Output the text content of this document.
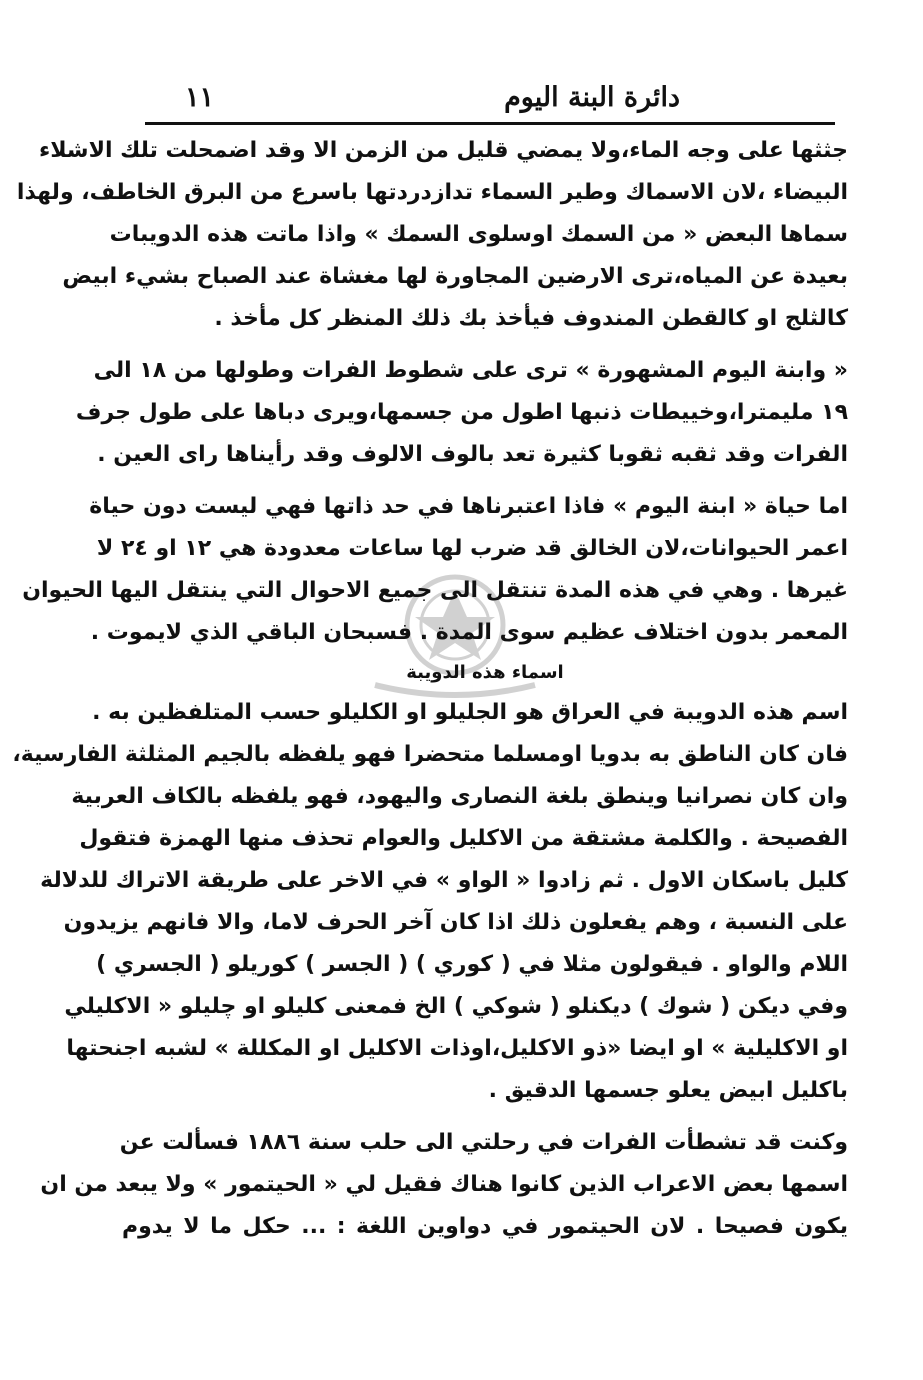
١١	دائرة البنة اليوم
جثثها على وجه الماء،ولا يمضي قليل من الزمن الا وقد اضمحلت تلك الاشلاء
البيضاء ،لان الاسماك وطير السماء تدازدردتها باسرع من البرق الخاطف، ولهذا
سماها البعض « من السمك اوسلوى السمك » واذا ماتت هذه الدويبات
بعيدة عن المياه،ترى الارضين المجاورة لها مغشاة عند الصباح بشيء ابيض
كالثلج او كالقطن المندوف فيأخذ بك ذلك المنظر كل مأخذ .
« وابنة اليوم المشهورة » ترى على شطوط الفرات وطولها من ١٨ الى
١٩ مليمترا،وخييطات ذنبها اطول من جسمها،ويرى دباها على طول جرف
الفرات وقد ثقبه ثقوبا كثيرة تعد بالوف الالوف وقد رأيناها راى العين .
اما حياة « ابنة اليوم » فاذا اعتبرناها في حد ذاتها فهي ليست دون حياة
اعمر الحيوانات،لان الخالق قد ضرب لها ساعات معدودة هي ١٢ او ٢٤ لا
غيرها . وهي في هذه المدة تنتقل الى جميع الاحوال التي ينتقل اليها الحيوان
المعمر بدون اختلاف عظيم سوى المدة . فسبحان الباقي الذي لايموت .
اسماء هذه الدويبة
اسم هذه الدويبة في العراق هو الجليلو او الكليلو حسب المتلفظين به .
فان كان الناطق به بدويا اومسلما متحضرا فهو يلفظه بالجيم المثلثة الفارسية،
وان كان نصرانيا وينطق بلغة النصارى واليهود، فهو يلفظه بالكاف العربية
الفصيحة . والكلمة مشتقة من الاكليل والعوام تحذف منها الهمزة فتقول
كليل باسكان الاول . ثم زادوا « الواو » في الاخر على طريقة الاتراك للدلالة
على النسبة ، وهم يفعلون ذلك اذا كان آخر الحرف لاما، والا فانهم يزيدون
اللام والواو . فيقولون مثلا في ( كوري ) ( الجسر ) كوريلو ( الجسري )
وفي ديكن ( شوك ) ديكنلو ( شوكي ) الخ فمعنى كليلو او چليلو « الاكليلي
او الاكليلية » او ايضا «ذو الاكليل،اوذات الاكليل او المكللة » لشبه اجنحتها
باكليل ابيض يعلو جسمها الدقيق .
وكنت قد تشطأت الفرات في رحلتي الى حلب سنة ١٨٨٦ فسألت عن
اسمها بعض الاعراب الذين كانوا هناك فقيل لي « الحيتمور » ولا يبعد من ان
يكون فصيحا . لان الحيتمور في دواوين اللغة : ... حكل ما لا يدوم
